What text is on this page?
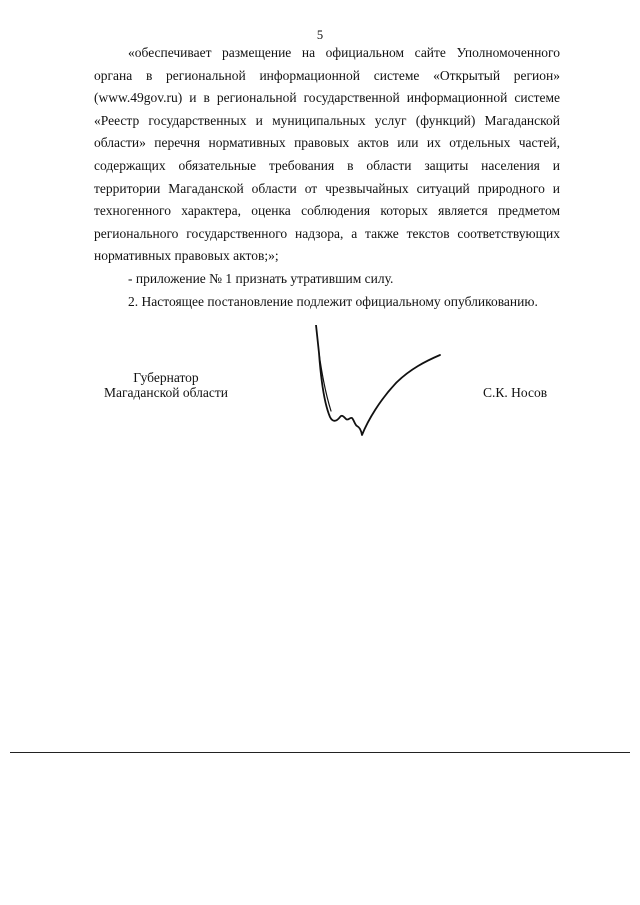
5

«обеспечивает размещение на официальном сайте Уполномоченного органа в региональной информационной системе «Открытый регион» (www.49gov.ru) и в региональной государственной информационной системе «Реестр государственных и муниципальных услуг (функций) Магаданской области» перечня нормативных правовых актов или их отдельных частей, содержащих обязательные требования в области защиты населения и территории Магаданской области от чрезвычайных ситуаций природного и техногенного характера, оценка соблюдения которых является предметом регионального государственного надзора, а также текстов соответствующих нормативных правовых актов;»;

- приложение № 1 признать утратившим силу.

2. Настоящее постановление подлежит официальному опубликованию.

Губернатор
Магаданской области	С.К. Носов
